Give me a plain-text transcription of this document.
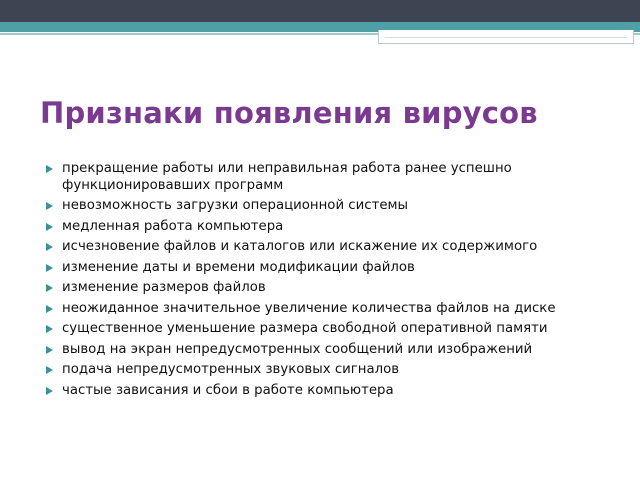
Признаки появления вирусов
прекращение работы или неправильная работа ранее успешно функционировавших программ
невозможность загрузки операционной системы
медленная работа компьютера
исчезновение файлов и каталогов или искажение их содержимого
изменение даты и времени модификации файлов
изменение размеров файлов
неожиданное значительное увеличение количества файлов на диске
существенное уменьшение размера свободной оперативной памяти
вывод на экран непредусмотренных сообщений или изображений
подача непредусмотренных звуковых сигналов
частые зависания и сбои в работе компьютера
